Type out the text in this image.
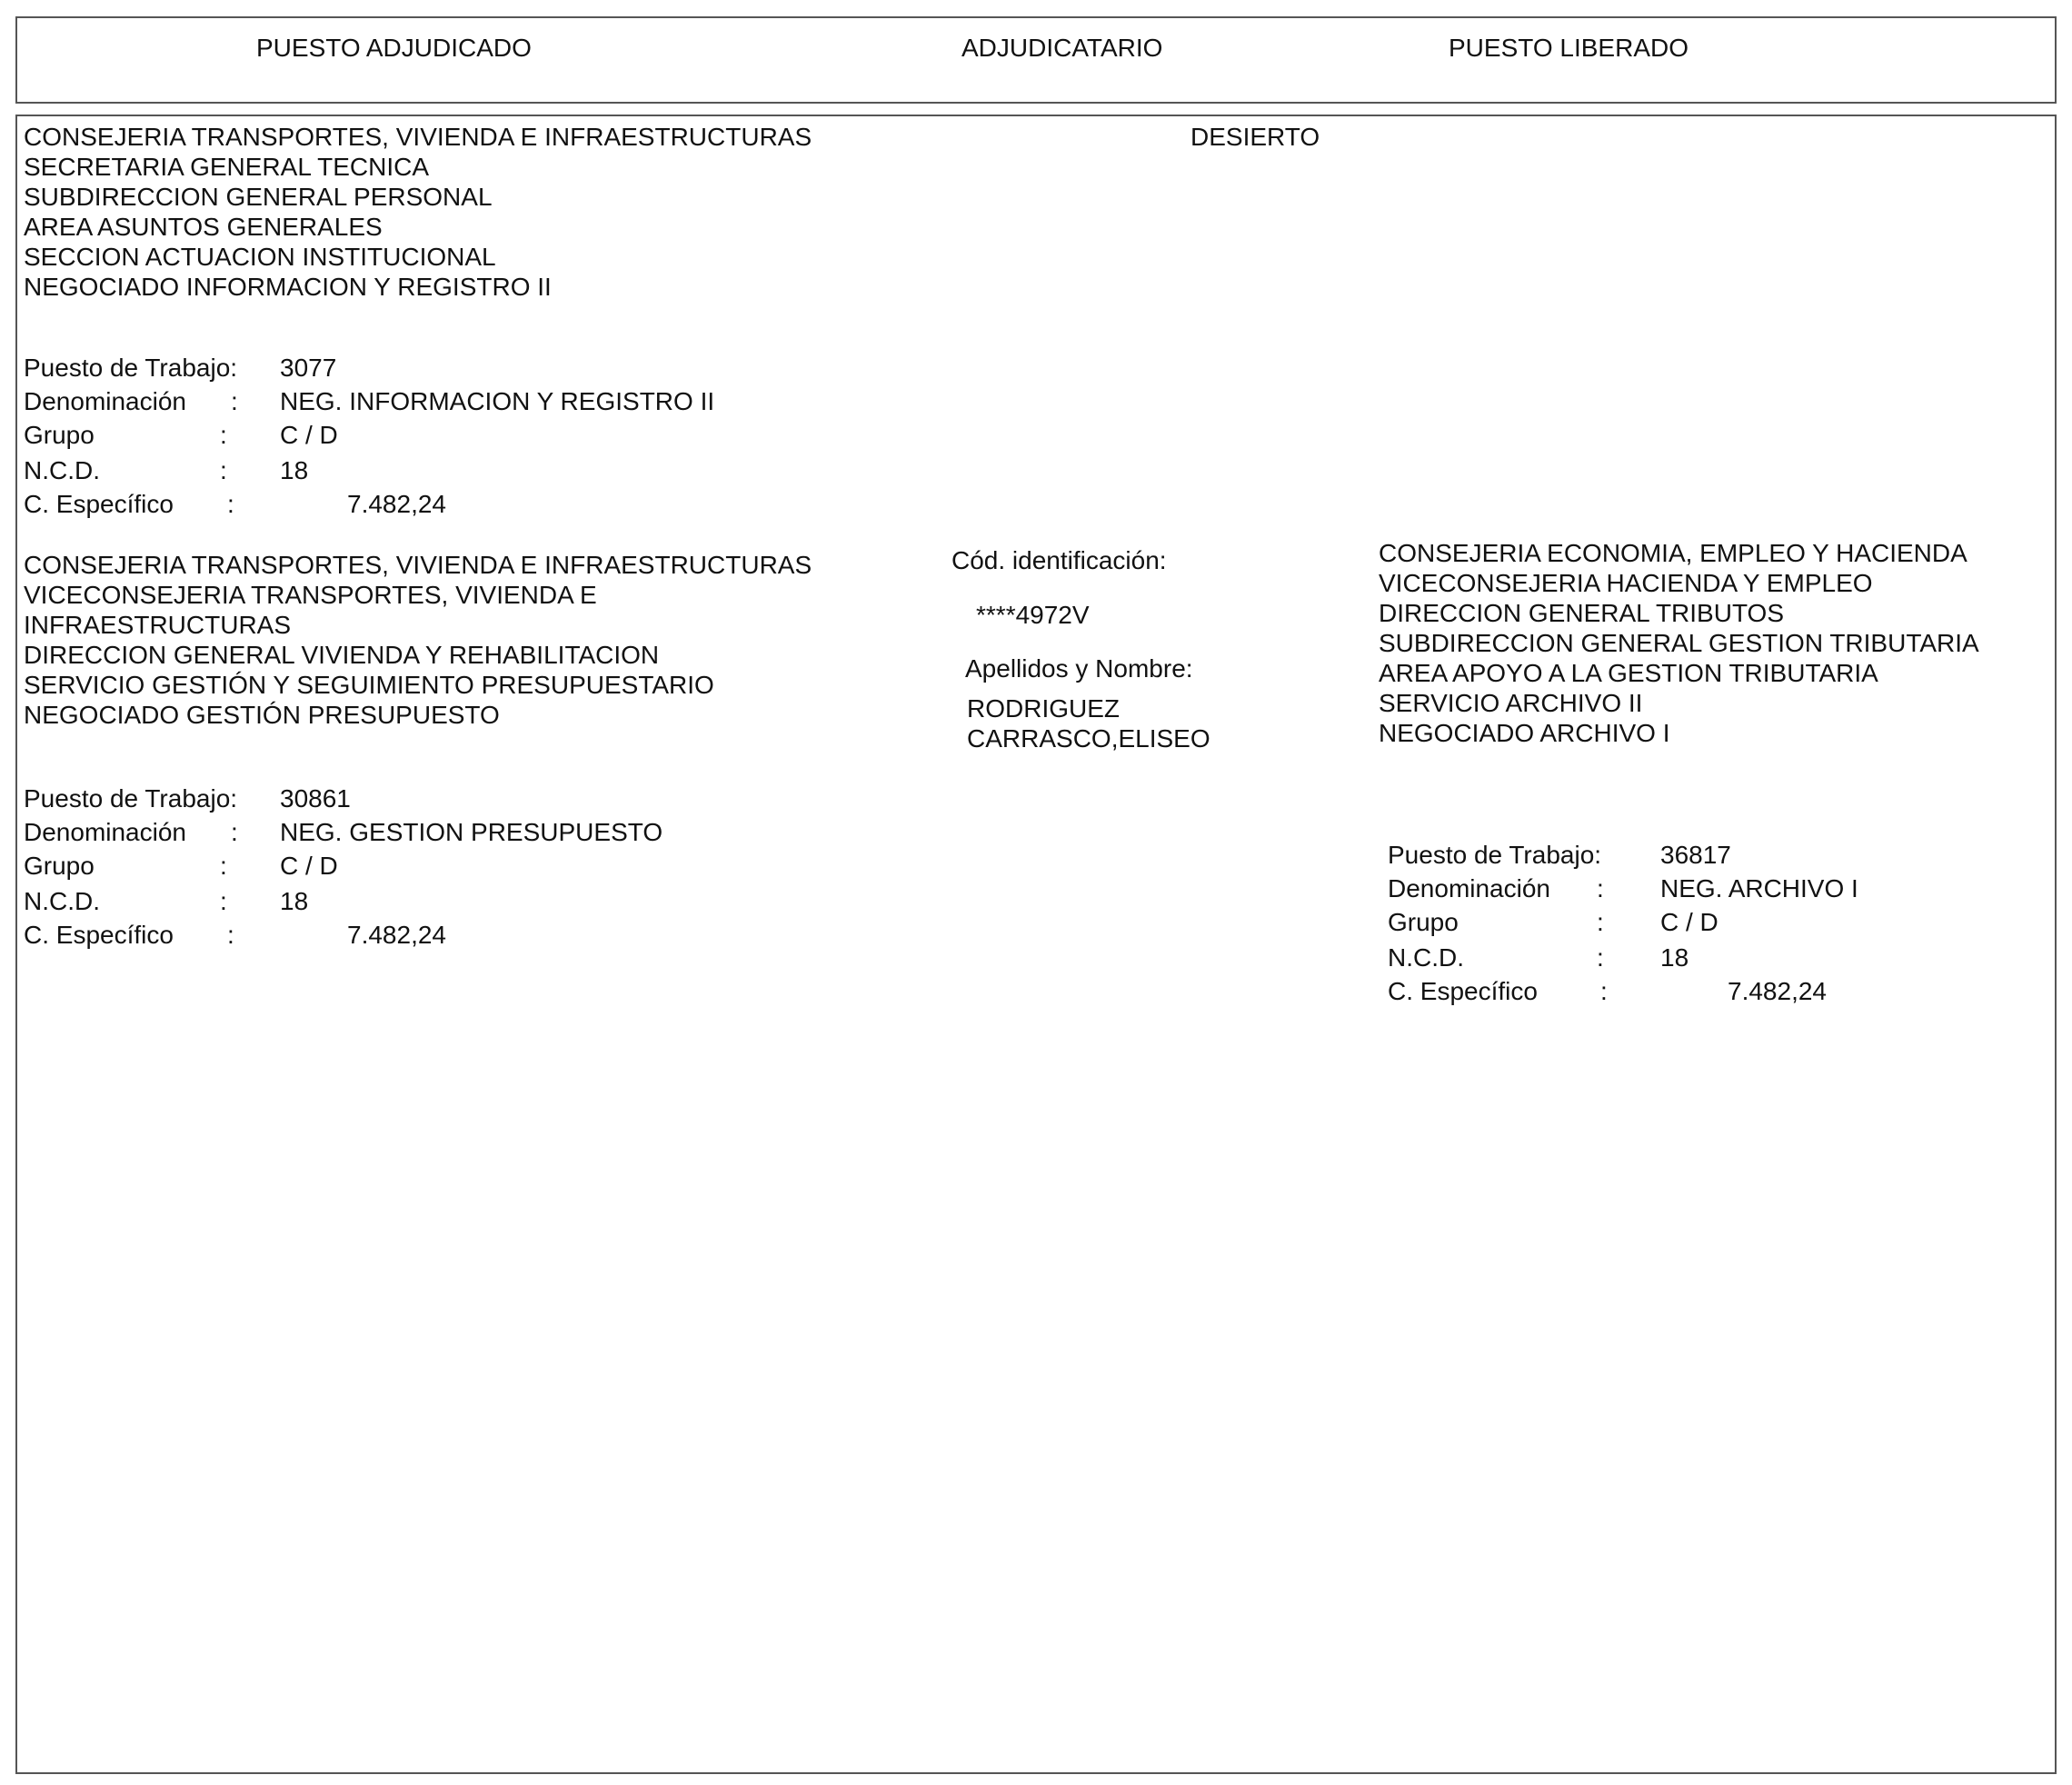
PUESTO ADJUDICADO	ADJUDICATARIO	PUESTO LIBERADO
CONSEJERIA TRANSPORTES, VIVIENDA E INFRAESTRUCTURAS
SECRETARIA GENERAL TECNICA
SUBDIRECCION GENERAL PERSONAL
AREA ASUNTOS GENERALES
SECCION ACTUACION INSTITUCIONAL
NEGOCIADO INFORMACION Y REGISTRO II
DESIERTO
Puesto de Trabajo: 3077
Denominación : NEG. INFORMACION Y REGISTRO II
Grupo	: C / D
N.C.D.	: 18
C. Específico :	7.482,24
CONSEJERIA TRANSPORTES, VIVIENDA E INFRAESTRUCTURAS
VICECONSEJERIA TRANSPORTES, VIVIENDA E
INFRAESTRUCTURAS
DIRECCION GENERAL VIVIENDA Y REHABILITACION
SERVICIO GESTIÓN Y SEGUIMIENTO PRESUPUESTARIO
NEGOCIADO GESTIÓN PRESUPUESTO
Puesto de Trabajo: 30861
Denominación : NEG. GESTION PRESUPUESTO
Grupo	: C / D
N.C.D.	: 18
C. Específico :	7.482,24
Cód. identificación:
****4972V
Apellidos y Nombre:
RODRIGUEZ
CARRASCO,ELISEO
CONSEJERIA ECONOMIA, EMPLEO Y HACIENDA
VICECONSEJERIA HACIENDA Y EMPLEO
DIRECCION GENERAL TRIBUTOS
SUBDIRECCION GENERAL GESTION TRIBUTARIA
AREA APOYO A LA GESTION TRIBUTARIA
SERVICIO ARCHIVO II
NEGOCIADO ARCHIVO I
Puesto de Trabajo: 36817
Denominación : NEG. ARCHIVO I
Grupo	: C / D
N.C.D.	: 18
C. Específico :	7.482,24
